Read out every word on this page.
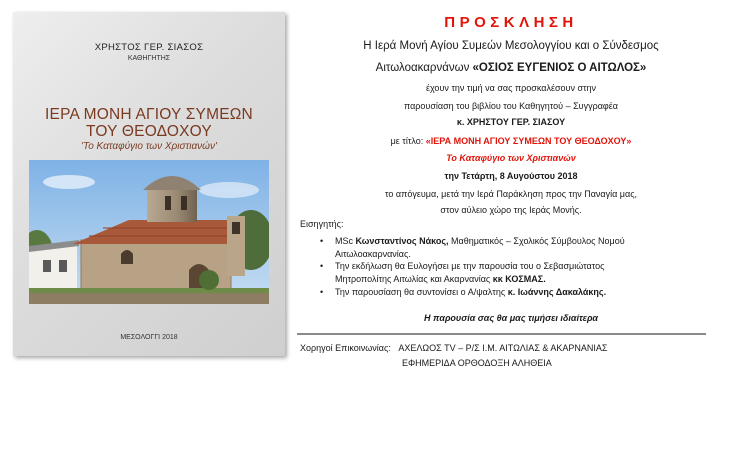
ΧΡΗΣΤΟΣ ΓΕΡ. ΣΙΑΣΟΣ
ΚΑΘΗΓΗΤΗΣ
ΙΕΡΑ ΜΟΝΗ ΑΓΙΟΥ ΣΥΜΕΩΝ
ΤΟΥ ΘΕΟΔΟΧΟΥ
'Το Καταφύγιο των Χριστιανών'
ΜΕΣΟΛΟΓΓΙ 2018
ΠΡΟΣΚΛΗΣΗ
Η Ιερά Μονή Αγίου Συμεών Μεσολογγίου και ο Σύνδεσμος
Αιτωλοακαρνάνων «ΟΣΙΟΣ ΕΥΓΕΝΙΟΣ Ο ΑΙΤΩΛΟΣ»
έχουν την τιμή να σας προσκαλέσουν στην
παρουσίαση του βιβλίου του Καθηγητού – Συγγραφέα
κ. ΧΡΗΣΤΟΥ ΓΕΡ. ΣΙΑΣΟΥ
με τίτλο: «ΙΕΡΑ ΜΟΝΗ ΑΓΙΟΥ ΣΥΜΕΩΝ ΤΟΥ ΘΕΟΔΟΧΟΥ»
Το Καταφύγιο των Χριστιανών
την Τετάρτη, 8 Αυγούστου 2018
το απόγευμα, μετά την Ιερά Παράκληση προς την Παναγία μας,
στον αύλειο χώρο της Ιεράς Μονής.
Εισηγητής:
• MSc Κωνσταντίνος Νάκος, Μαθηματικός – Σχολικός Σύμβουλος Νομού
Αιτωλοακαρνανίας.
• Την εκδήλωση θα Ευλογήσει με την παρουσία του ο Σεβασμιώτατος
Μητροπολίτης Αιτωλίας και Ακαρνανίας κκ ΚΟΣΜΑΣ.
• Την παρουσίαση θα συντονίσει ο Α/ψαλτης κ. Ιωάννης Δακαλάκης.
Η παρουσία σας θα μας τιμήσει ιδιαίτερα
Χορηγοί Επικοινωνίας: ΑΧΕΛΩΟΣ TV – Ρ/Σ Ι.Μ. ΑΙΤΩΛΙΑΣ & ΑΚΑΡΝΑΝΙΑΣ
ΕΦΗΜΕΡΙΔΑ ΟΡΘΟΔΟΞΗ ΑΛΗΘΕΙΑ
